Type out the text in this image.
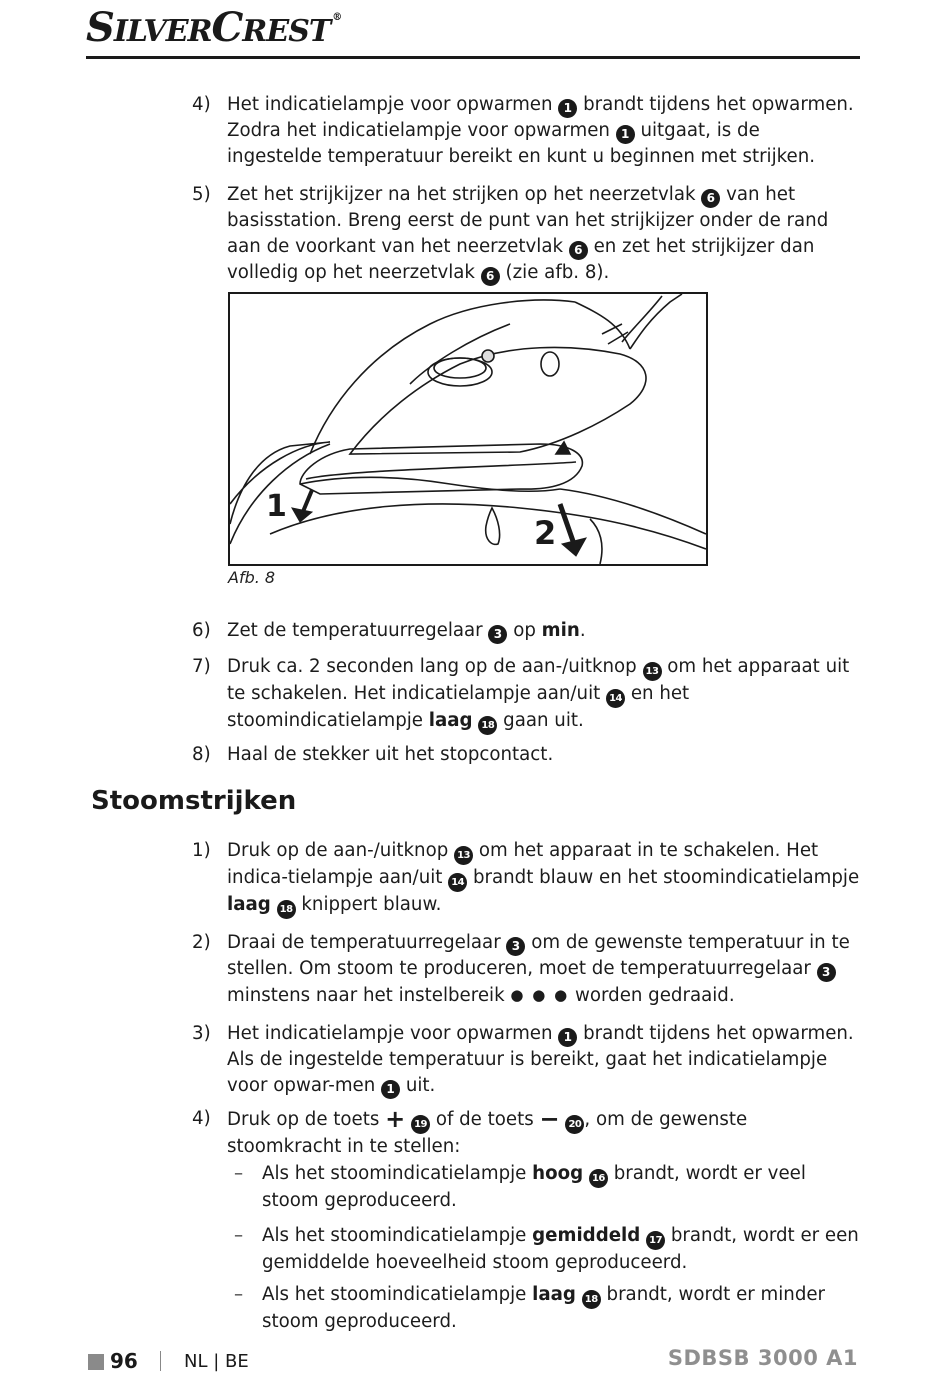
SILVERCREST ®
4) Het indicatielampje voor opwarmen 1 brandt tijdens het opwarmen. Zodra het indicatielampje voor opwarmen 1 uitgaat, is de ingestelde temperatuur bereikt en kunt u beginnen met strijken.
5) Zet het strijkijzer na het strijken op het neerzetvlak 6 van het basisstation. Breng eerst de punt van het strijkijzer onder de rand aan de voorkant van het neerzetvlak 6 en zet het strijkijzer dan volledig op het neerzetvlak 6 (zie afb. 8).
1
2
Afb. 8
6) Zet de temperatuurregelaar 3 op min.
7) Druk ca. 2 seconden lang op de aan-/uitknop 13 om het apparaat uit te schakelen. Het indicatielampje aan/uit 14 en het stoomindicatielampje laag 18 gaan uit.
8) Haal de stekker uit het stopcontact.
Stoomstrijken
1) Druk op de aan-/uitknop 13 om het apparaat in te schakelen. Het indica-tielampje aan/uit 14 brandt blauw en het stoomindicatielampje laag 18 knippert blauw.
2) Draai de temperatuurregelaar 3 om de gewenste temperatuur in te stellen. Om stoom te produceren, moet de temperatuurregelaar 3 minstens naar het instelbereik ● ● ● worden gedraaid.
3) Het indicatielampje voor opwarmen 1 brandt tijdens het opwarmen. Als de ingestelde temperatuur is bereikt, gaat het indicatielampje voor opwar-men 1 uit.
4) Druk op de toets + 19 of de toets − 20 , om de gewenste stoomkracht in te stellen:
– Als het stoomindicatielampje hoog 16 brandt, wordt er veel stoom geproduceerd.
– Als het stoomindicatielampje gemiddeld 17 brandt, wordt er een gemiddelde hoeveelheid stoom geproduceerd.
– Als het stoomindicatielampje laag 18 brandt, wordt er minder stoom geproduceerd.
96	NL | BE	SDBSB 3000 A1
